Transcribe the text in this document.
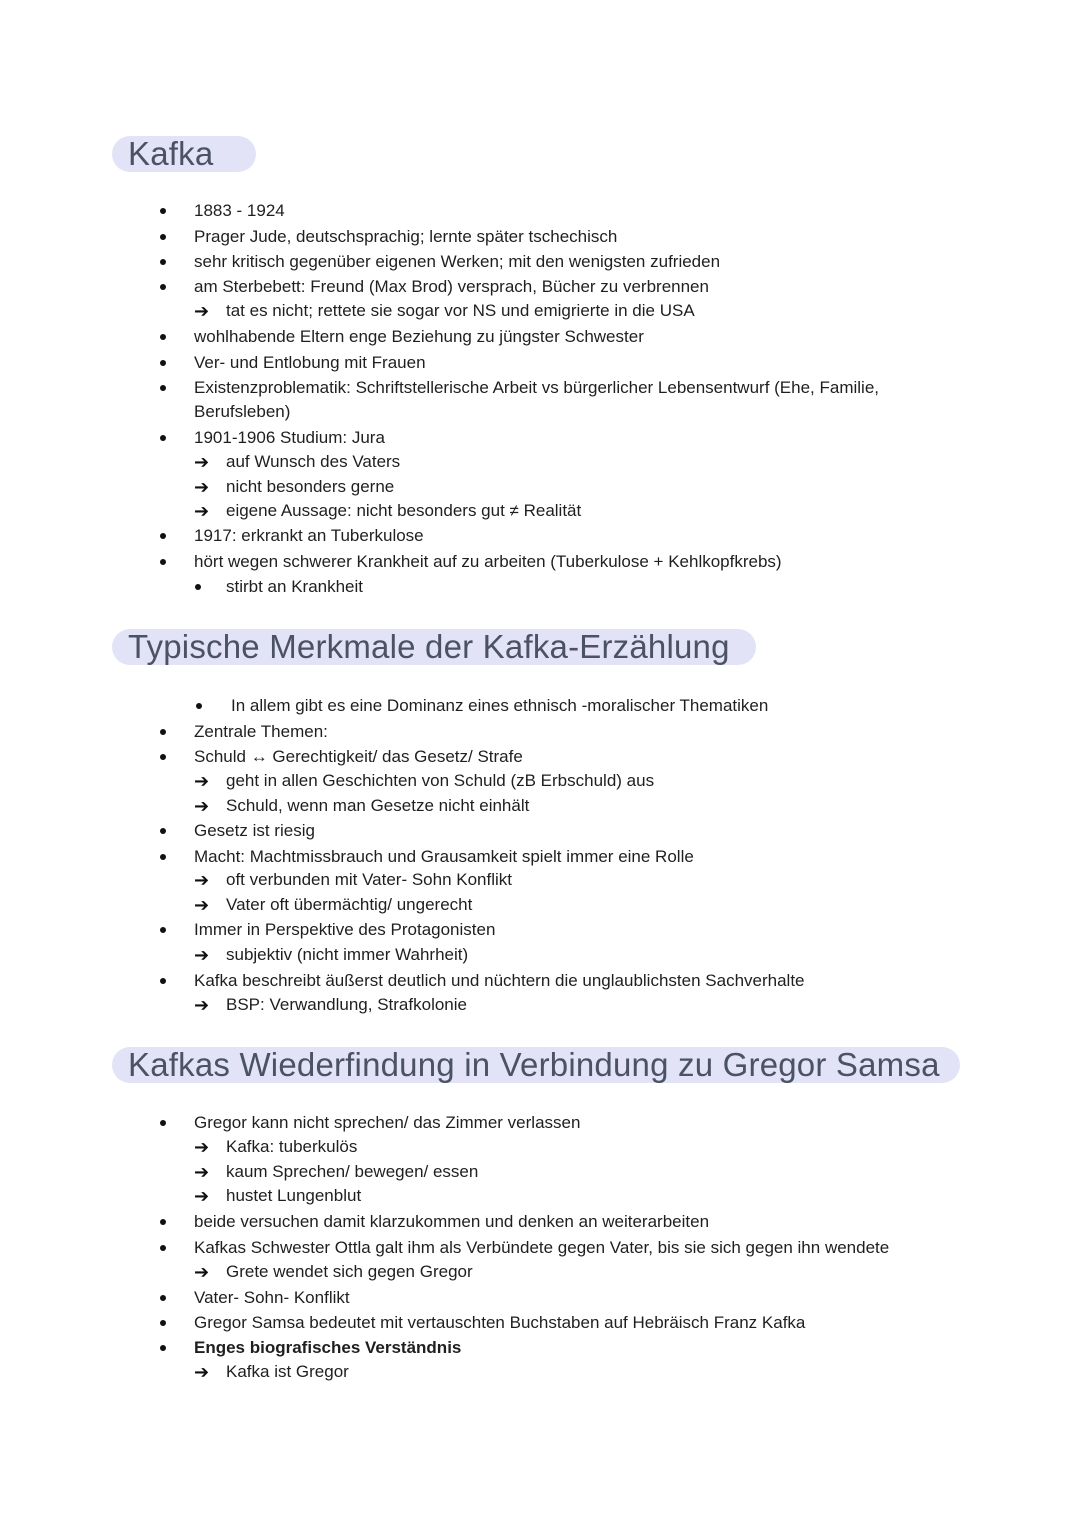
Kafka
1883 - 1924
Prager Jude, deutschsprachig; lernte später tschechisch
sehr kritisch gegenüber eigenen Werken; mit den wenigsten zufrieden
am Sterbebett: Freund (Max Brod) versprach, Bücher zu verbrennen
➔ tat es nicht; rettete sie sogar vor NS und emigrierte in die USA
wohlhabende Eltern enge Beziehung zu jüngster Schwester
Ver- und Entlobung mit Frauen
Existenzproblematik: Schriftstellerische Arbeit vs bürgerlicher Lebensentwurf (Ehe, Familie,
Berufsleben)
1901-1906 Studium: Jura
➔ auf Wunsch des Vaters
➔ nicht besonders gerne
➔ eigene Aussage: nicht besonders gut ≠ Realität
1917: erkrankt an Tuberkulose
hört wegen schwerer Krankheit auf zu arbeiten (Tuberkulose + Kehlkopfkrebs)
stirbt an Krankheit
Typische Merkmale der Kafka-Erzählung
In allem gibt es eine Dominanz eines ethnisch -moralischer Thematiken
Zentrale Themen:
Schuld ↔ Gerechtigkeit/ das Gesetz/ Strafe
➔ geht in allen Geschichten von Schuld (zB Erbschuld) aus
➔ Schuld, wenn man Gesetze nicht einhält
Gesetz ist riesig
Macht: Machtmissbrauch und Grausamkeit spielt immer eine Rolle
➔ oft verbunden mit Vater- Sohn Konflikt
➔ Vater oft übermächtig/ ungerecht
Immer in Perspektive des Protagonisten
➔ subjektiv (nicht immer Wahrheit)
Kafka beschreibt äußerst deutlich und nüchtern die unglaublichsten Sachverhalte
➔ BSP: Verwandlung, Strafkolonie
Kafkas Wiederfindung in Verbindung zu Gregor Samsa
Gregor kann nicht sprechen/ das Zimmer verlassen
➔ Kafka: tuberkulös
➔ kaum Sprechen/ bewegen/ essen
➔ hustet Lungenblut
beide versuchen damit klarzukommen und denken an weiterarbeiten
Kafkas Schwester Ottla galt ihm als Verbündete gegen Vater, bis sie sich gegen ihn wendete
➔ Grete wendet sich gegen Gregor
Vater- Sohn- Konflikt
Gregor Samsa bedeutet mit vertauschten Buchstaben auf Hebräisch Franz Kafka
Enges biografisches Verständnis
➔ Kafka ist Gregor
